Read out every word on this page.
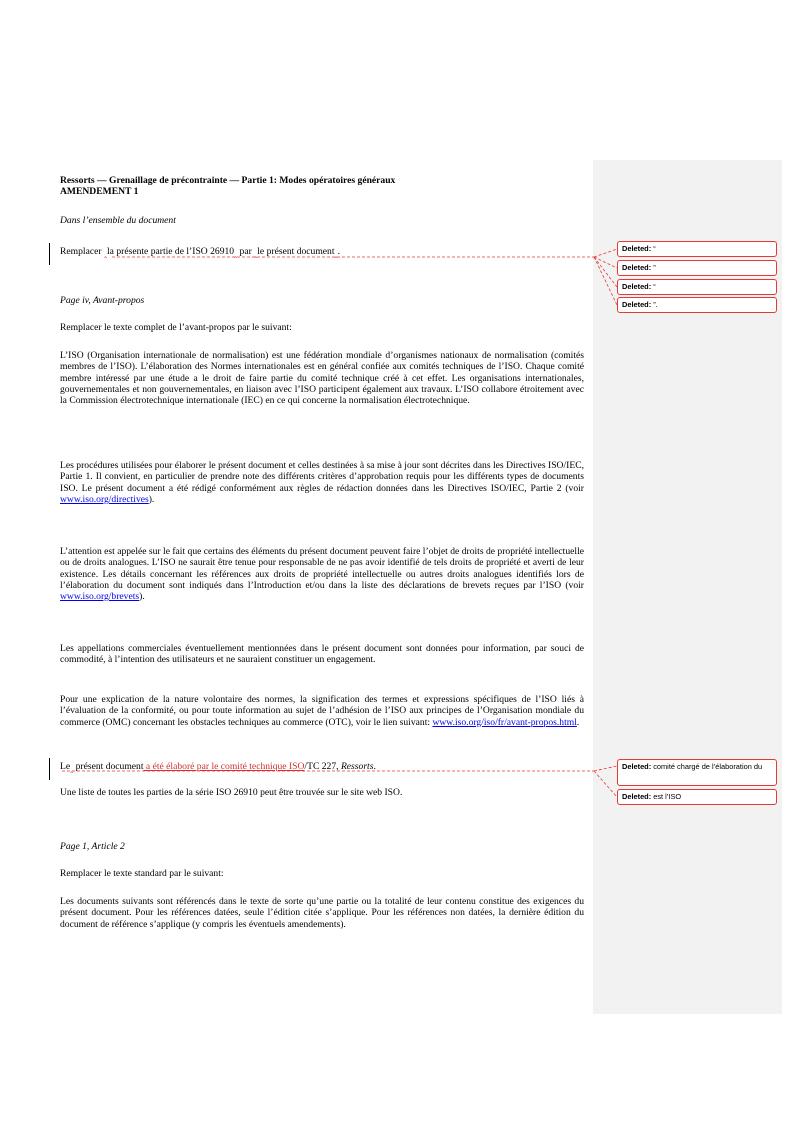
Ressorts — Grenaillage de précontrainte — Partie 1: Modes opératoires généraux
AMENDEMENT 1
Dans l’ensemble du document
Remplacer ‸la présente partie de l’ISO 26910‸ par ‸le présent document‸.
Page iv, Avant-propos
Remplacer le texte complet de l’avant-propos par le suivant:

L’ISO (Organisation internationale de normalisation) est une fédération mondiale d’organismes nationaux de normalisation (comités membres de l’ISO). L’élaboration des Normes internationales est en général confiée aux comités techniques de l’ISO. Chaque comité membre intéressé par une étude a le droit de faire partie du comité technique créé à cet effet. Les organisations internationales, gouvernementales et non gouvernementales, en liaison avec l’ISO participent également aux travaux. L’ISO collabore étroitement avec la Commission électrotechnique internationale (IEC) en ce qui concerne la normalisation électrotechnique.

Les procédures utilisées pour élaborer le présent document et celles destinées à sa mise à jour sont décrites dans les Directives ISO/IEC, Partie 1. Il convient, en particulier de prendre note des différents critères d’approbation requis pour les différents types de documents ISO. Le présent document a été rédigé conformément aux règles de rédaction données dans les Directives ISO/IEC, Partie 2 (voir www.iso.org/directives).

L’attention est appelée sur le fait que certains des éléments du présent document peuvent faire l’objet de droits de propriété intellectuelle ou de droits analogues. L’ISO ne saurait être tenue pour responsable de ne pas avoir identifié de tels droits de propriété et averti de leur existence. Les détails concernant les références aux droits de propriété intellectuelle ou autres droits analogues identifiés lors de l’élaboration du document sont indiqués dans l’Introduction et/ou dans la liste des déclarations de brevets reçues par l’ISO (voir www.iso.org/brevets).

Les appellations commerciales éventuellement mentionnées dans le présent document sont données pour information, par souci de commodité, à l’intention des utilisateurs et ne sauraient constituer un engagement.

Pour une explication de la nature volontaire des normes, la signification des termes et expressions spécifiques de l’ISO liés à l’évaluation de la conformité, ou pour toute information au sujet de l’adhésion de l’ISO aux principes de l’Organisation mondiale du commerce (OMC) concernant les obstacles techniques au commerce (OTC), voir le lien suivant: www.iso.org/iso/fr/avant-propos.html.

Le‸ présent document a été élaboré par le comité technique ISO/TC 227, Ressorts.
Une liste de toutes les parties de la série ISO 26910 peut être trouvée sur le site web ISO.
Page 1, Article 2
Remplacer le texte standard par le suivant:

Les documents suivants sont référencés dans le texte de sorte qu’une partie ou la totalité de leur contenu constitue des exigences du présent document. Pour les références datées, seule l’édition citée s’applique. Pour les références non datées, la dernière édition du document de référence s’applique (y compris les éventuels amendements).

Deleted: “
Deleted: ”
Deleted: “
Deleted: ”.
Deleted: comité chargé de l’élaboration du
Deleted: est l’ISO
